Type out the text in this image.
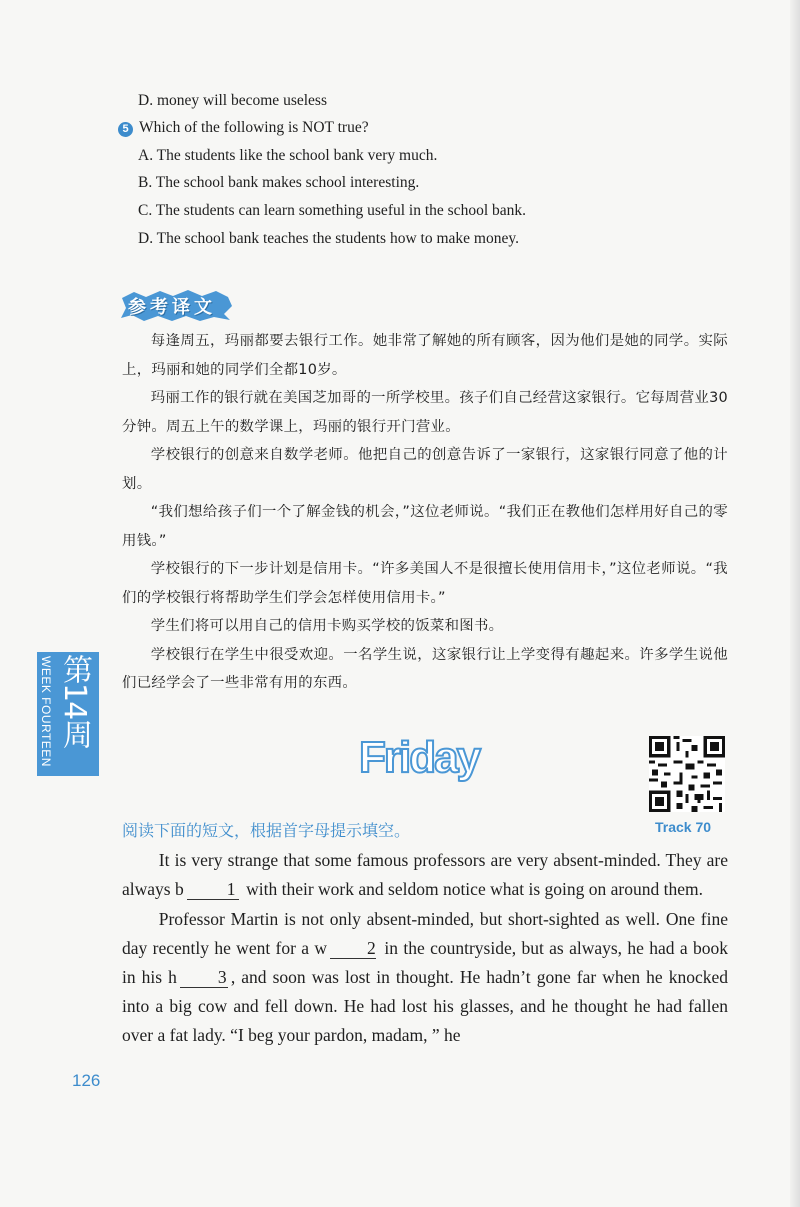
D. money will become useless
5 Which of the following is NOT true?
A. The students like the school bank very much.
B. The school bank makes school interesting.
C. The students can learn something useful in the school bank.
D. The school bank teaches the students how to make money.
参考译文

每逢周五，玛丽都要去银行工作。她非常了解她的所有顾客，因为他们是她的同学。实际上，玛丽和她的同学们全都10岁。

玛丽工作的银行就在美国芝加哥的一所学校里。孩子们自己经营这家银行。它每周营业30分钟。周五上午的数学课上，玛丽的银行开门营业。

学校银行的创意来自数学老师。他把自己的创意告诉了一家银行，这家银行同意了他的计划。

“我们想给孩子们一个了解金钱的机会，”这位老师说。“我们正在教他们怎样用好自己的零用钱。”

学校银行的下一步计划是信用卡。“许多美国人不是很擅长使用信用卡，”这位老师说。“我们的学校银行将帮助学生们学会怎样使用信用卡。”

学生们将可以用自己的信用卡购买学校的饭菜和图书。

学校银行在学生中很受欢迎。一名学生说，这家银行让上学变得有趣起来。许多学生说他们已经学会了一些非常有用的东西。

WEEK FOURTEEN 第14周
Friday
Track 70
阅读下面的短文，根据首字母提示填空。

It is very strange that some famous professors are very absent-minded. They are always b 1 with their work and seldom notice what is going on around them.

Professor Martin is not only absent-minded, but short-sighted as well. One fine day recently he went for a w 2 in the countryside, but as always, he had a book in his h 3 , and soon was lost in thought. He hadn’t gone far when he knocked into a big cow and fell down. He had lost his glasses, and he thought he had fallen over a fat lady. “I beg your pardon, madam, ” he

126
